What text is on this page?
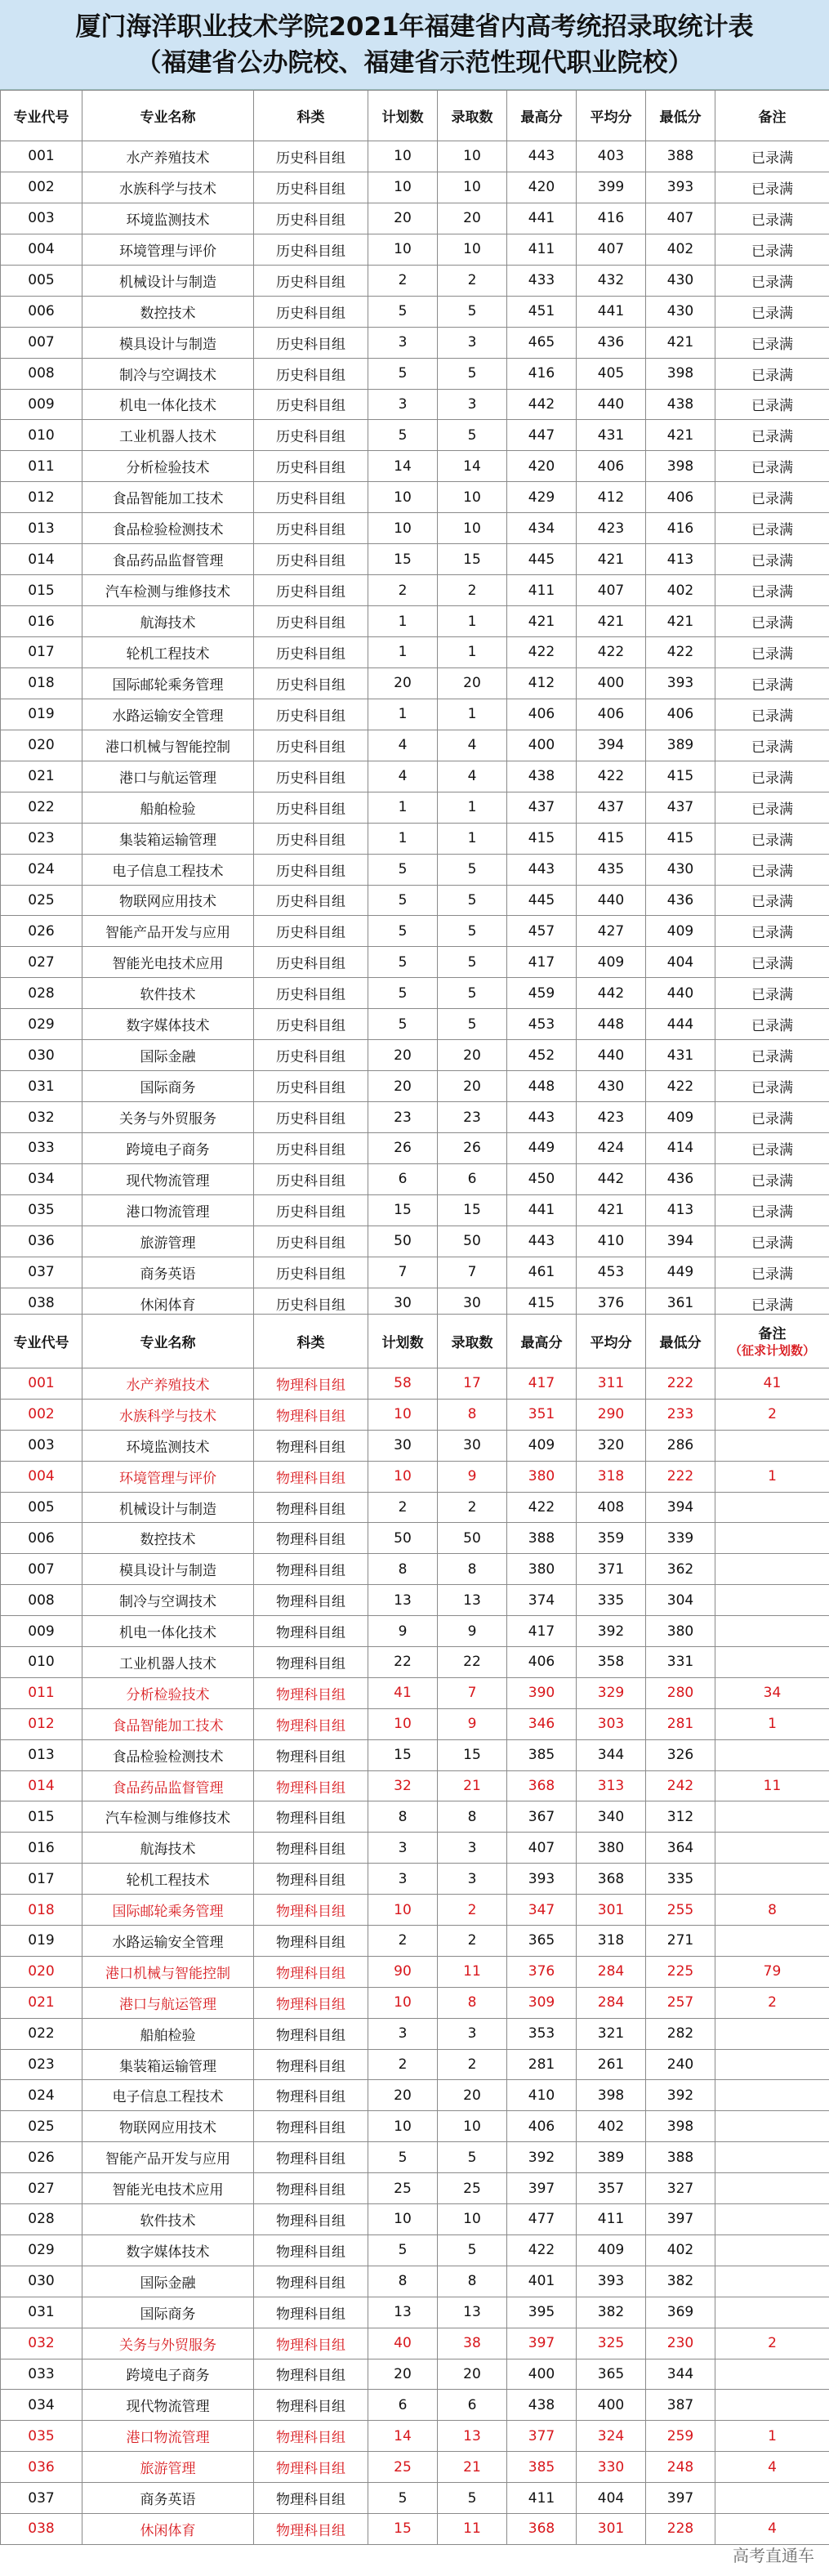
厦门海洋职业技术学院2021年福建省内高考统招录取统计表
（福建省公办院校、福建省示范性现代职业院校）
专业代号	专业名称	科类	计划数	录取数	最高分	平均分	最低分	备注
001	水产养殖技术	历史科目组	10	10	443	403	388	已录满
002	水族科学与技术	历史科目组	10	10	420	399	393	已录满
003	环境监测技术	历史科目组	20	20	441	416	407	已录满
004	环境管理与评价	历史科目组	10	10	411	407	402	已录满
005	机械设计与制造	历史科目组	2	2	433	432	430	已录满
006	数控技术	历史科目组	5	5	451	441	430	已录满
007	模具设计与制造	历史科目组	3	3	465	436	421	已录满
008	制冷与空调技术	历史科目组	5	5	416	405	398	已录满
009	机电一体化技术	历史科目组	3	3	442	440	438	已录满
010	工业机器人技术	历史科目组	5	5	447	431	421	已录满
011	分析检验技术	历史科目组	14	14	420	406	398	已录满
012	食品智能加工技术	历史科目组	10	10	429	412	406	已录满
013	食品检验检测技术	历史科目组	10	10	434	423	416	已录满
014	食品药品监督管理	历史科目组	15	15	445	421	413	已录满
015	汽车检测与维修技术	历史科目组	2	2	411	407	402	已录满
016	航海技术	历史科目组	1	1	421	421	421	已录满
017	轮机工程技术	历史科目组	1	1	422	422	422	已录满
018	国际邮轮乘务管理	历史科目组	20	20	412	400	393	已录满
019	水路运输安全管理	历史科目组	1	1	406	406	406	已录满
020	港口机械与智能控制	历史科目组	4	4	400	394	389	已录满
021	港口与航运管理	历史科目组	4	4	438	422	415	已录满
022	船舶检验	历史科目组	1	1	437	437	437	已录满
023	集装箱运输管理	历史科目组	1	1	415	415	415	已录满
024	电子信息工程技术	历史科目组	5	5	443	435	430	已录满
025	物联网应用技术	历史科目组	5	5	445	440	436	已录满
026	智能产品开发与应用	历史科目组	5	5	457	427	409	已录满
027	智能光电技术应用	历史科目组	5	5	417	409	404	已录满
028	软件技术	历史科目组	5	5	459	442	440	已录满
029	数字媒体技术	历史科目组	5	5	453	448	444	已录满
030	国际金融	历史科目组	20	20	452	440	431	已录满
031	国际商务	历史科目组	20	20	448	430	422	已录满
032	关务与外贸服务	历史科目组	23	23	443	423	409	已录满
033	跨境电子商务	历史科目组	26	26	449	424	414	已录满
034	现代物流管理	历史科目组	6	6	450	442	436	已录满
035	港口物流管理	历史科目组	15	15	441	421	413	已录满
036	旅游管理	历史科目组	50	50	443	410	394	已录满
037	商务英语	历史科目组	7	7	461	453	449	已录满
038	休闲体育	历史科目组	30	30	415	376	361	已录满
专业代号	专业名称	科类	计划数	录取数	最高分	平均分	最低分	备注
（征求计划数）

001	水产养殖技术	物理科目组	58	17	417	311	222	41
002	水族科学与技术	物理科目组	10	8	351	290	233	2
003	环境监测技术	物理科目组	30	30	409	320	286	
004	环境管理与评价	物理科目组	10	9	380	318	222	1
005	机械设计与制造	物理科目组	2	2	422	408	394	
006	数控技术	物理科目组	50	50	388	359	339	
007	模具设计与制造	物理科目组	8	8	380	371	362	
008	制冷与空调技术	物理科目组	13	13	374	335	304	
009	机电一体化技术	物理科目组	9	9	417	392	380	
010	工业机器人技术	物理科目组	22	22	406	358	331	
011	分析检验技术	物理科目组	41	7	390	329	280	34
012	食品智能加工技术	物理科目组	10	9	346	303	281	1
013	食品检验检测技术	物理科目组	15	15	385	344	326	
014	食品药品监督管理	物理科目组	32	21	368	313	242	11
015	汽车检测与维修技术	物理科目组	8	8	367	340	312	
016	航海技术	物理科目组	3	3	407	380	364	
017	轮机工程技术	物理科目组	3	3	393	368	335	
018	国际邮轮乘务管理	物理科目组	10	2	347	301	255	8
019	水路运输安全管理	物理科目组	2	2	365	318	271	
020	港口机械与智能控制	物理科目组	90	11	376	284	225	79
021	港口与航运管理	物理科目组	10	8	309	284	257	2
022	船舶检验	物理科目组	3	3	353	321	282	
023	集装箱运输管理	物理科目组	2	2	281	261	240	
024	电子信息工程技术	物理科目组	20	20	410	398	392	
025	物联网应用技术	物理科目组	10	10	406	402	398	
026	智能产品开发与应用	物理科目组	5	5	392	389	388	
027	智能光电技术应用	物理科目组	25	25	397	357	327	
028	软件技术	物理科目组	10	10	477	411	397	
029	数字媒体技术	物理科目组	5	5	422	409	402	
030	国际金融	物理科目组	8	8	401	393	382	
031	国际商务	物理科目组	13	13	395	382	369	
032	关务与外贸服务	物理科目组	40	38	397	325	230	2
033	跨境电子商务	物理科目组	20	20	400	365	344	
034	现代物流管理	物理科目组	6	6	438	400	387	
035	港口物流管理	物理科目组	14	13	377	324	259	1
036	旅游管理	物理科目组	25	21	385	330	248	4
037	商务英语	物理科目组	5	5	411	404	397	
038	休闲体育	物理科目组	15	11	368	301	228	4
高考直通车
